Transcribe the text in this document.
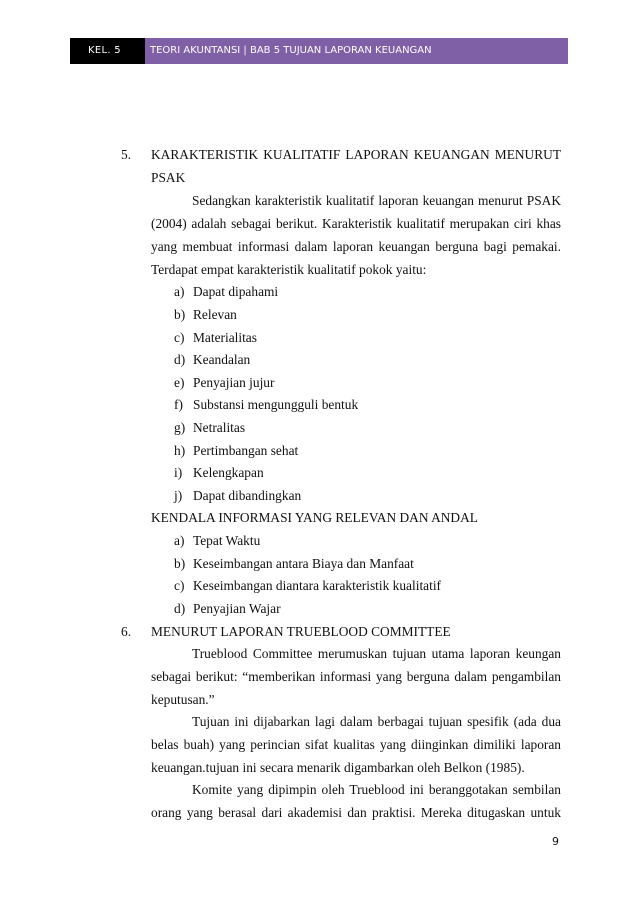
KEL. 5	TEORI AKUNTANSI | BAB 5 TUJUAN LAPORAN KEUANGAN
5. KARAKTERISTIK KUALITATIF LAPORAN KEUANGAN MENURUT
PSAK
Sedangkan karakteristik kualitatif laporan keuangan menurut PSAK
(2004) adalah sebagai berikut. Karakteristik kualitatif merupakan ciri khas
yang membuat informasi dalam laporan keuangan berguna bagi pemakai.
Terdapat empat karakteristik kualitatif pokok yaitu:
a) Dapat dipahami
b) Relevan
c) Materialitas
d) Keandalan
e) Penyajian jujur
f) Substansi mengungguli bentuk
g) Netralitas
h) Pertimbangan sehat
i) Kelengkapan
j) Dapat dibandingkan
KENDALA INFORMASI YANG RELEVAN DAN ANDAL
a) Tepat Waktu
b) Keseimbangan antara Biaya dan Manfaat
c) Keseimbangan diantara karakteristik kualitatif
d) Penyajian Wajar
6. MENURUT LAPORAN TRUEBLOOD COMMITTEE
Trueblood Committee merumuskan tujuan utama laporan keungan
sebagai berikut: “memberikan informasi yang berguna dalam pengambilan
keputusan.”
Tujuan ini dijabarkan lagi dalam berbagai tujuan spesifik (ada dua
belas buah) yang perincian sifat kualitas yang diinginkan dimiliki laporan
keuangan.tujuan ini secara menarik digambarkan oleh Belkon (1985).
Komite yang dipimpin oleh Trueblood ini beranggotakan sembilan
orang yang berasal dari akademisi dan praktisi. Mereka ditugaskan untuk
9
